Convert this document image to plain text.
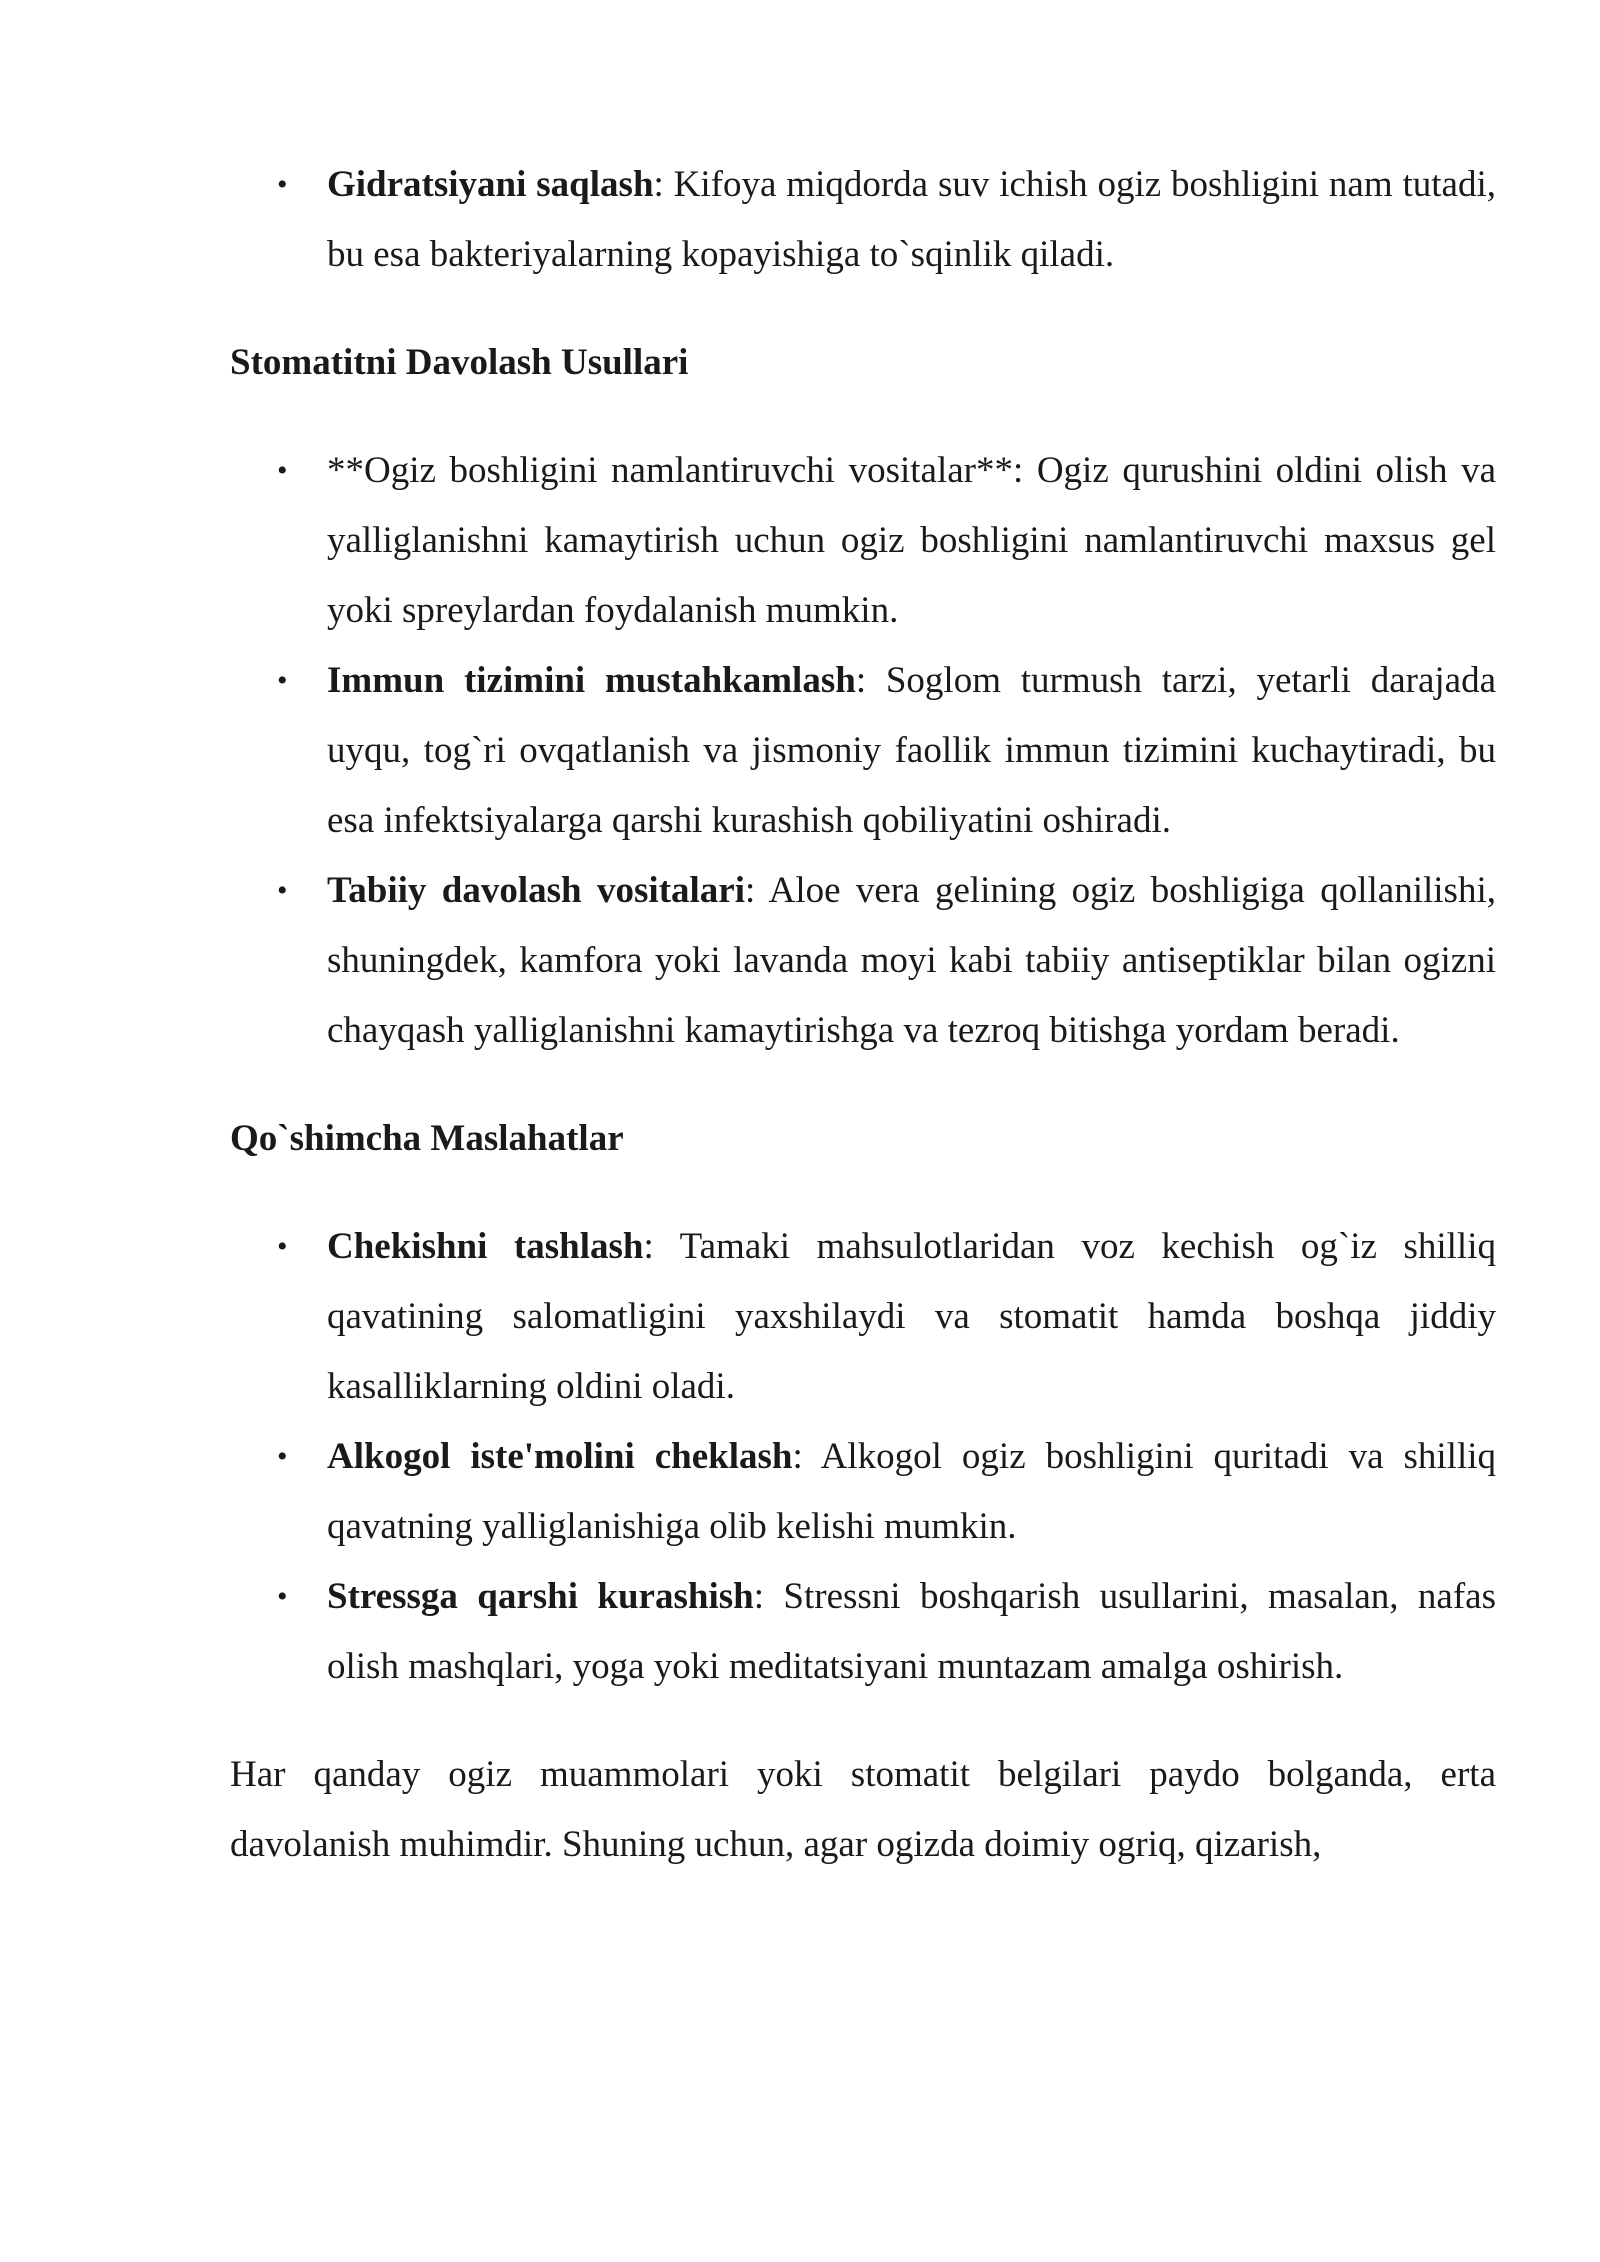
• Gidratsiyani saqlash: Kifoya miqdorda suv ichish ogiz boshligini nam tutadi, bu esa bakteriyalarning kopayishiga to`sqinlik qiladi.
Stomatitni Davolash Usullari
• **Ogiz boshligini namlantiruvchi vositalar**: Ogiz qurushini oldini olish va yalliglanishni kamaytirish uchun ogiz boshligini namlantiruvchi maxsus gel yoki spreylardan foydalanish mumkin.
• Immun tizimini mustahkamlash: Soglom turmush tarzi, yetarli darajada uyqu, tog`ri ovqatlanish va jismoniy faollik immun tizimini kuchaytiradi, bu esa infektsiyalarga qarshi kurashish qobiliyatini oshiradi.
• Tabiiy davolash vositalari: Aloe vera gelining ogiz boshligiga qollanilishi, shuningdek, kamfora yoki lavanda moyi kabi tabiiy antiseptiklar bilan ogizni chayqash yalliglanishni kamaytirishga va tezroq bitishga yordam beradi.
Qo`shimcha Maslahatlar
• Chekishni tashlash: Tamaki mahsulotlaridan voz kechish og`iz shilliq qavatining salomatligini yaxshilaydi va stomatit hamda boshqa jiddiy kasalliklarning oldini oladi.
• Alkogol iste'molini cheklash: Alkogol ogiz boshligini quritadi va shilliq qavatning yalliglanishiga olib kelishi mumkin.
• Stressga qarshi kurashish: Stressni boshqarish usullarini, masalan, nafas olish mashqlari, yoga yoki meditatsiyani muntazam amalga oshirish.

Har qanday ogiz muammolari yoki stomatit belgilari paydo bolganda, erta davolanish muhimdir. Shuning uchun, agar ogizda doimiy ogriq, qizarish,
